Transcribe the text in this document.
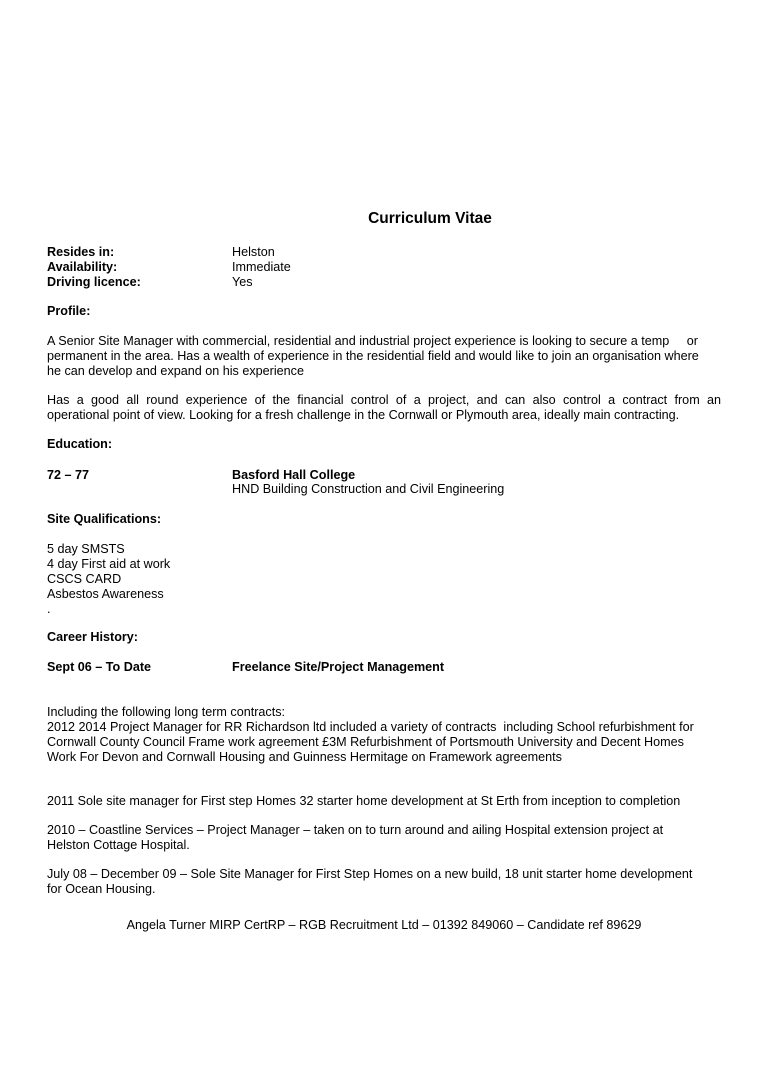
Curriculum Vitae
Resides in:	Helston
Availability:	Immediate
Driving licence:	Yes
Profile:
A Senior Site Manager with commercial, residential and industrial project experience is looking to secure a temp     or
permanent in the area. Has a wealth of experience in the residential field and would like to join an organisation where
he can develop and expand on his experience
Has a good all round experience of the financial control of a project, and can also control a contract from an
operational point of view. Looking for a fresh challenge in the Cornwall or Plymouth area, ideally main contracting.
Education:
72 – 77	Basford Hall College
HND Building Construction and Civil Engineering
Site Qualifications:
5 day SMSTS
4 day First aid at work
CSCS CARD
Asbestos Awareness
.
Career History:
Sept 06 – To Date	Freelance Site/Project Management
Including the following long term contracts:
2012 2014 Project Manager for RR Richardson ltd included a variety of contracts  including School refurbishment for
Cornwall County Council Frame work agreement £3M Refurbishment of Portsmouth University and Decent Homes
Work For Devon and Cornwall Housing and Guinness Hermitage on Framework agreements
2011 Sole site manager for First step Homes 32 starter home development at St Erth from inception to completion
2010 – Coastline Services – Project Manager – taken on to turn around and ailing Hospital extension project at
Helston Cottage Hospital.
July 08 – December 09 – Sole Site Manager for First Step Homes on a new build, 18 unit starter home development
for Ocean Housing.
Angela Turner MIRP CertRP – RGB Recruitment Ltd – 01392 849060 – Candidate ref 89629
